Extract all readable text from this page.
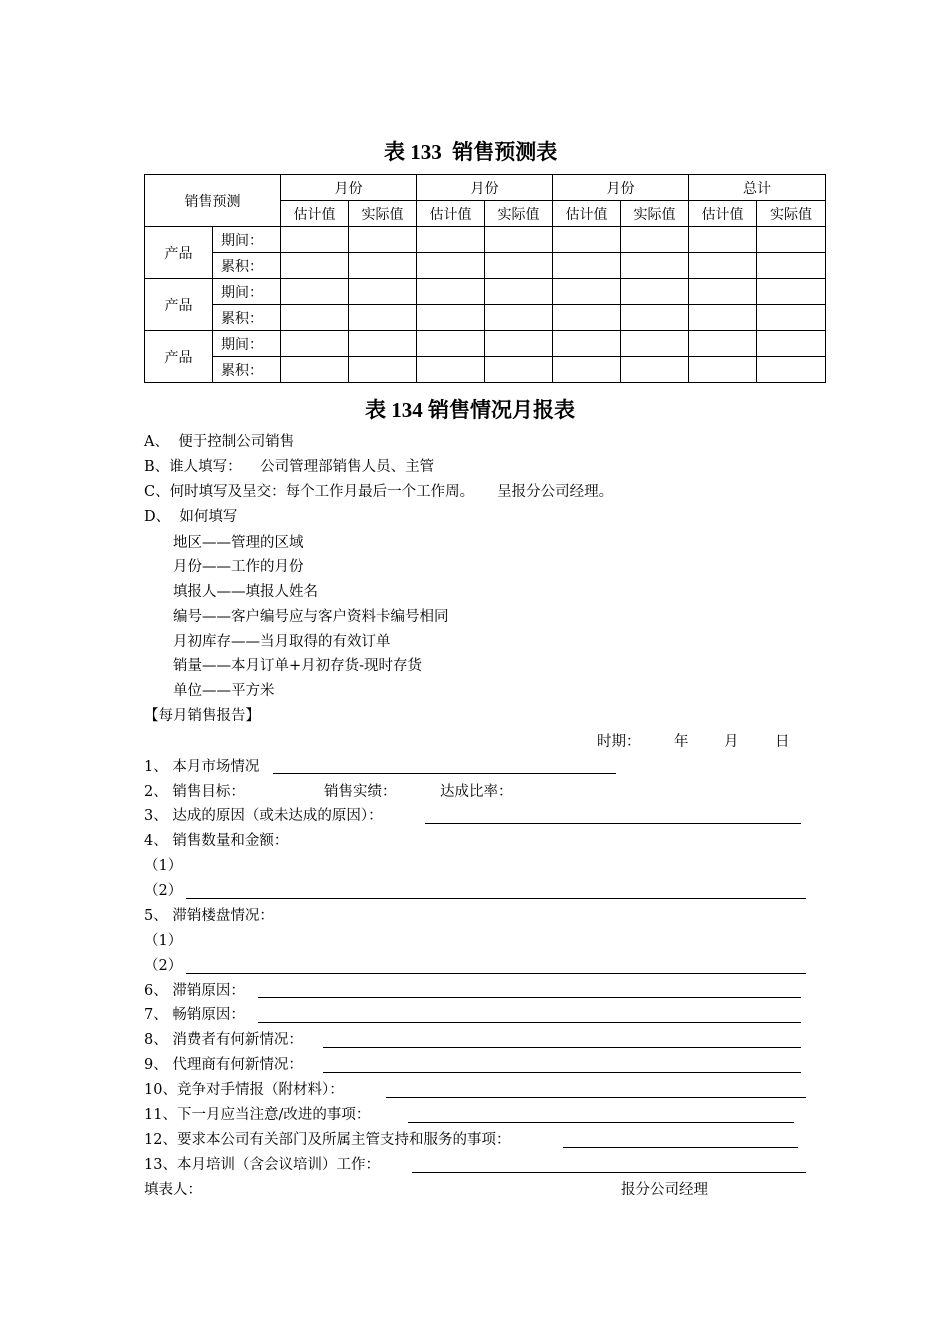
表 133  销售预测表
销售预测		月份		月份		月份		总计	
		估计值	实际值	估计值	实际值	估计值	实际值	估计值	实际值
产品	期间：								
	累积：								
产品	期间：								
	累积：								
产品	期间：								
	累积：								
表 134 销售情况月报表
A、  便于控制公司销售
B、谁人填写：    公司管理部销售人员、主管
C、何时填写及呈交：每个工作月最后一个工作周。     呈报分公司经理。
D、  如何填写
地区——管理的区域
月份——工作的月份
填报人——填报人姓名
编号——客户编号应与客户资料卡编号相同
月初库存——当月取得的有效订单
销量——本月订单+月初存货-现时存货
单位——平方米
【每月销售报告】
时期： 年 月	日
1、 本月市场情况
2、 销售目标：	销售实绩：	达成比率：
3、 达成的原因（或未达成的原因）：
4、 销售数量和金额：
（1）
（2）
5、 滞销楼盘情况：
（1）
（2）
6、 滞销原因：
7、 畅销原因：
8、 消费者有何新情况：
9、 代理商有何新情况：
10、竞争对手情报（附材料）：
11、下一月应当注意/改进的事项：
12、要求本公司有关部门及所属主管支持和服务的事项：
13、本月培训（含会议培训）工作：
填表人：	报分公司经理
